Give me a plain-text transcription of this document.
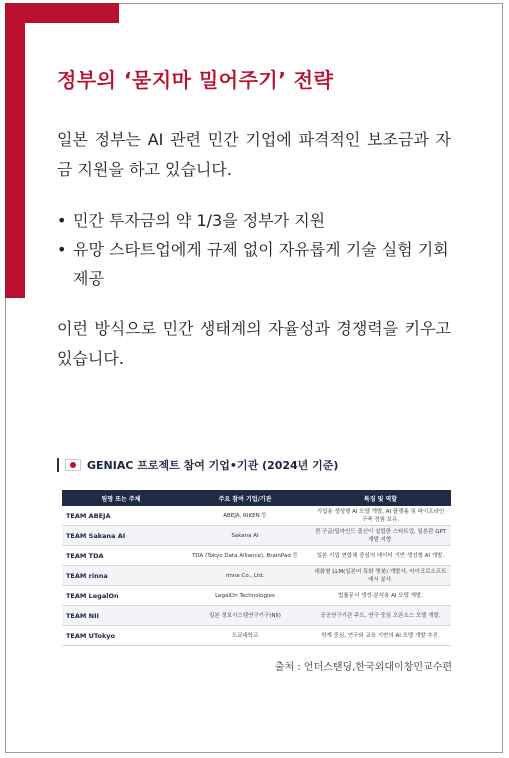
정부의 ‘묻지마 밀어주기’ 전략
일본 정부는 AI 관련 민간 기업에 파격적인 보조금과 자금 지원을 하고 있습니다.
• 민간 투자금의 약 1/3을 정부가 지원
• 유망 스타트업에게 규제 없이 자유롭게 기술 실험 기회 제공
이런 방식으로 민간 생태계의 자율성과 경쟁력을 키우고 있습니다.
GENIAC 프로젝트 참여 기업•기관 (2024년 기준)
팀명 또는 주체	주요 참여 기업/기관	특징 및 역할
TEAM ABEJA	ABEJA, RIKEN 등	기업용 생성형 AI 모델 개발, AI 플랫폼 및 파이프라인 구축 경험 보유.
TEAM Sakana AI	Sakana AI	전 구글/딥마인드 출신이 설립한 스타트업, 일본판 GPT 개발 지향.
TEAM TDA	TDA (Tokyo Data Alliance), BrainPad 등	일본 기업 연합체 중심의 데이터 기반 생성형 AI 개발.
TEAM rinna	rinna Co., Ltd.	대화형 LLM(일본어 특화 챗봇) 개발사, 마이크로소프트에서 분사.
TEAM LegalOn	LegalOn Technologies	법률문서 생성·분석용 AI 모델 개발.
TEAM NII	일본 정보시스템연구기구(NII)	공공연구기관 주도, 연구 중심 오픈소스 모델 개발.
TEAM UTokyo	도쿄대학교	학계 중심, 연구와 교육 기반의 AI 모델 개발 추진.
출처 : 언더스탠딩,한국외대이창민교수편
